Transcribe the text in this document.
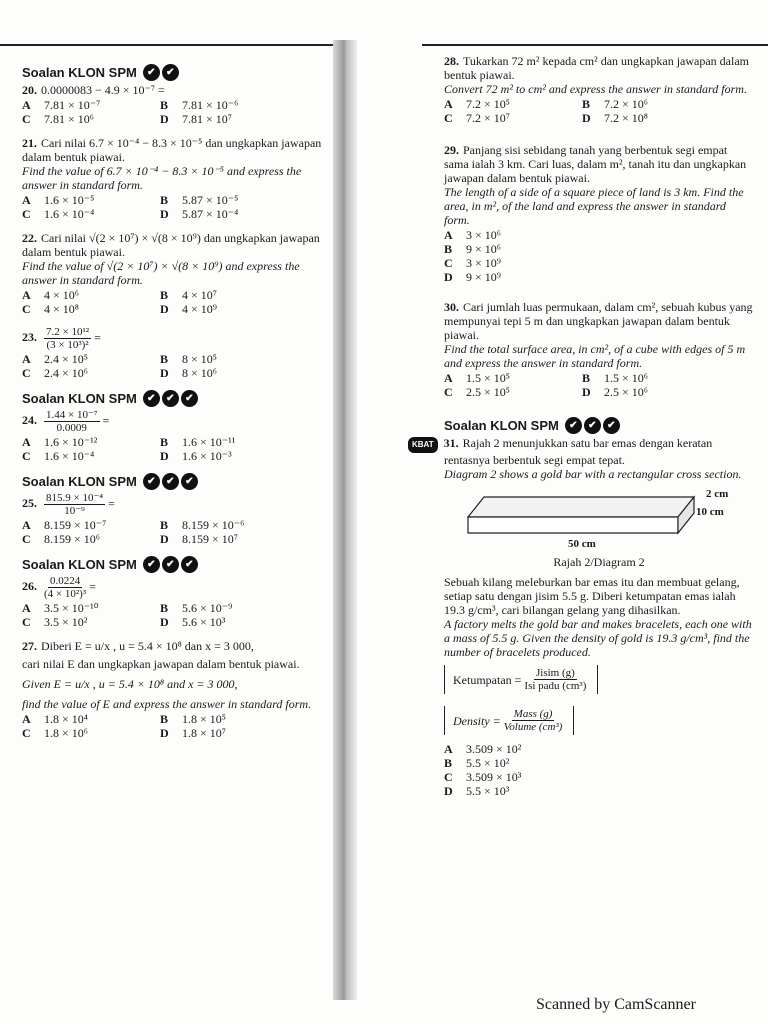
Soalan KLON SPM	✔	✔
20. 0.0000083 − 4.9 × 10⁻⁷ =
A 7.81 × 10⁻⁷	B 7.81 × 10⁻⁶
C 7.81 × 10⁶	D 7.81 × 10⁷
21. Cari nilai 6.7 × 10⁻⁴ − 8.3 × 10⁻⁵ dan ungkapkan jawapan dalam bentuk piawai.
Find the value of 6.7 × 10⁻⁴ − 8.3 × 10⁻⁵ and express the answer in standard form.
A 1.6 × 10⁻⁵	B 5.87 × 10⁻⁵
C 1.6 × 10⁻⁴	D 5.87 × 10⁻⁴
22. Cari nilai √(2 × 10⁷) × √(8 × 10⁹) dan ungkapkan jawapan dalam bentuk piawai.
Find the value of √(2 × 10⁷) × √(8 × 10⁹) and express the answer in standard form.
A 4 × 10⁶	B 4 × 10⁷
C 4 × 10⁸	D 4 × 10⁹
23. $\frac{\text{7.2 × 10¹²}}{\text{(3 × 10³)²}}$ =
A 2.4 × 10⁵	B 8 × 10⁵
C 2.4 × 10⁶	D 8 × 10⁶
Soalan KLON SPM	✔	✔	✔
24. $\frac{\text{1.44 × 10⁻⁷}}{0.0009}$ =
A 1.6 × 10⁻¹²	B 1.6 × 10⁻¹¹
C 1.6 × 10⁻⁴	D 1.6 × 10⁻³
Soalan KLON SPM	✔	✔	✔
25. $\frac{\text{815.9 × 10⁻⁴}}{\text{10⁻⁹}}$ =
A 8.159 × 10⁻⁷	B 8.159 × 10⁻⁶
C 8.159 × 10⁶	D 8.159 × 10⁷
Soalan KLON SPM	✔	✔	✔
26. $\frac{0.0224}{\text{(4 × 10²)³}}$ =
A 3.5 × 10⁻¹⁰	B 5.6 × 10⁻⁹
C 3.5 × 10²	D 5.6 × 10³
27. Diberi E = u/x , u = 5.4 × 10⁸ dan x = 3 000,
cari nilai E dan ungkapkan jawapan dalam bentuk piawai.
Given E = u/x , u = 5.4 × 10⁸ and x = 3 000,
find the value of E and express the answer in standard form.
A 1.8 × 10⁴	B 1.8 × 10⁵
C 1.8 × 10⁶	D 1.8 × 10⁷
28. Tukarkan 72 m² kepada cm² dan ungkapkan jawapan dalam bentuk piawai.
Convert 72 m² to cm² and express the answer in standard form.
A 7.2 × 10⁵	B 7.2 × 10⁶
C 7.2 × 10⁷	D 7.2 × 10⁸
29. Panjang sisi sebidang tanah yang berbentuk segi empat sama ialah 3 km. Cari luas, dalam m², tanah itu dan ungkapkan jawapan dalam bentuk piawai.
The length of a side of a square piece of land is 3 km. Find the area, in m², of the land and express the answer in standard form.
A 3 × 10⁶
B 9 × 10⁶
C 3 × 10⁹
D 9 × 10⁹
30. Cari jumlah luas permukaan, dalam cm², sebuah kubus yang mempunyai tepi 5 m dan ungkapkan jawapan dalam bentuk piawai.
Find the total surface area, in cm², of a cube with edges of 5 m and express the answer in standard form.
A 1.5 × 10⁵	B 1.5 × 10⁶
C 2.5 × 10⁵	D 2.5 × 10⁶
Soalan KLON SPM	✔	✔	✔
KBAT 31. Rajah 2 menunjukkan satu bar emas dengan keratan rentasnya berbentuk segi empat tepat.
Diagram 2 shows a gold bar with a rectangular cross section.
2 cm
10 cm
50 cm
Rajah 2/Diagram 2
Sebuah kilang meleburkan bar emas itu dan membuat gelang, setiap satu dengan jisim 5.5 g. Diberi ketumpatan emas ialah 19.3 g/cm³, cari bilangan gelang yang dihasilkan.
A factory melts the gold bar and makes bracelets, each one with a mass of 5.5 g. Given the density of gold is 19.3 g/cm³, find the number of bracelets produced.
Ketumpatan = $\frac{\text{Jisim (g)}}{\text{Isi padu (cm³)}}$

Density = $\frac{\text{Mass (g)}}{\text{Volume (cm³)}}$
A 3.509 × 10²
B 5.5 × 10²
C 3.509 × 10³
D 5.5 × 10³
Scanned by CamScanner
